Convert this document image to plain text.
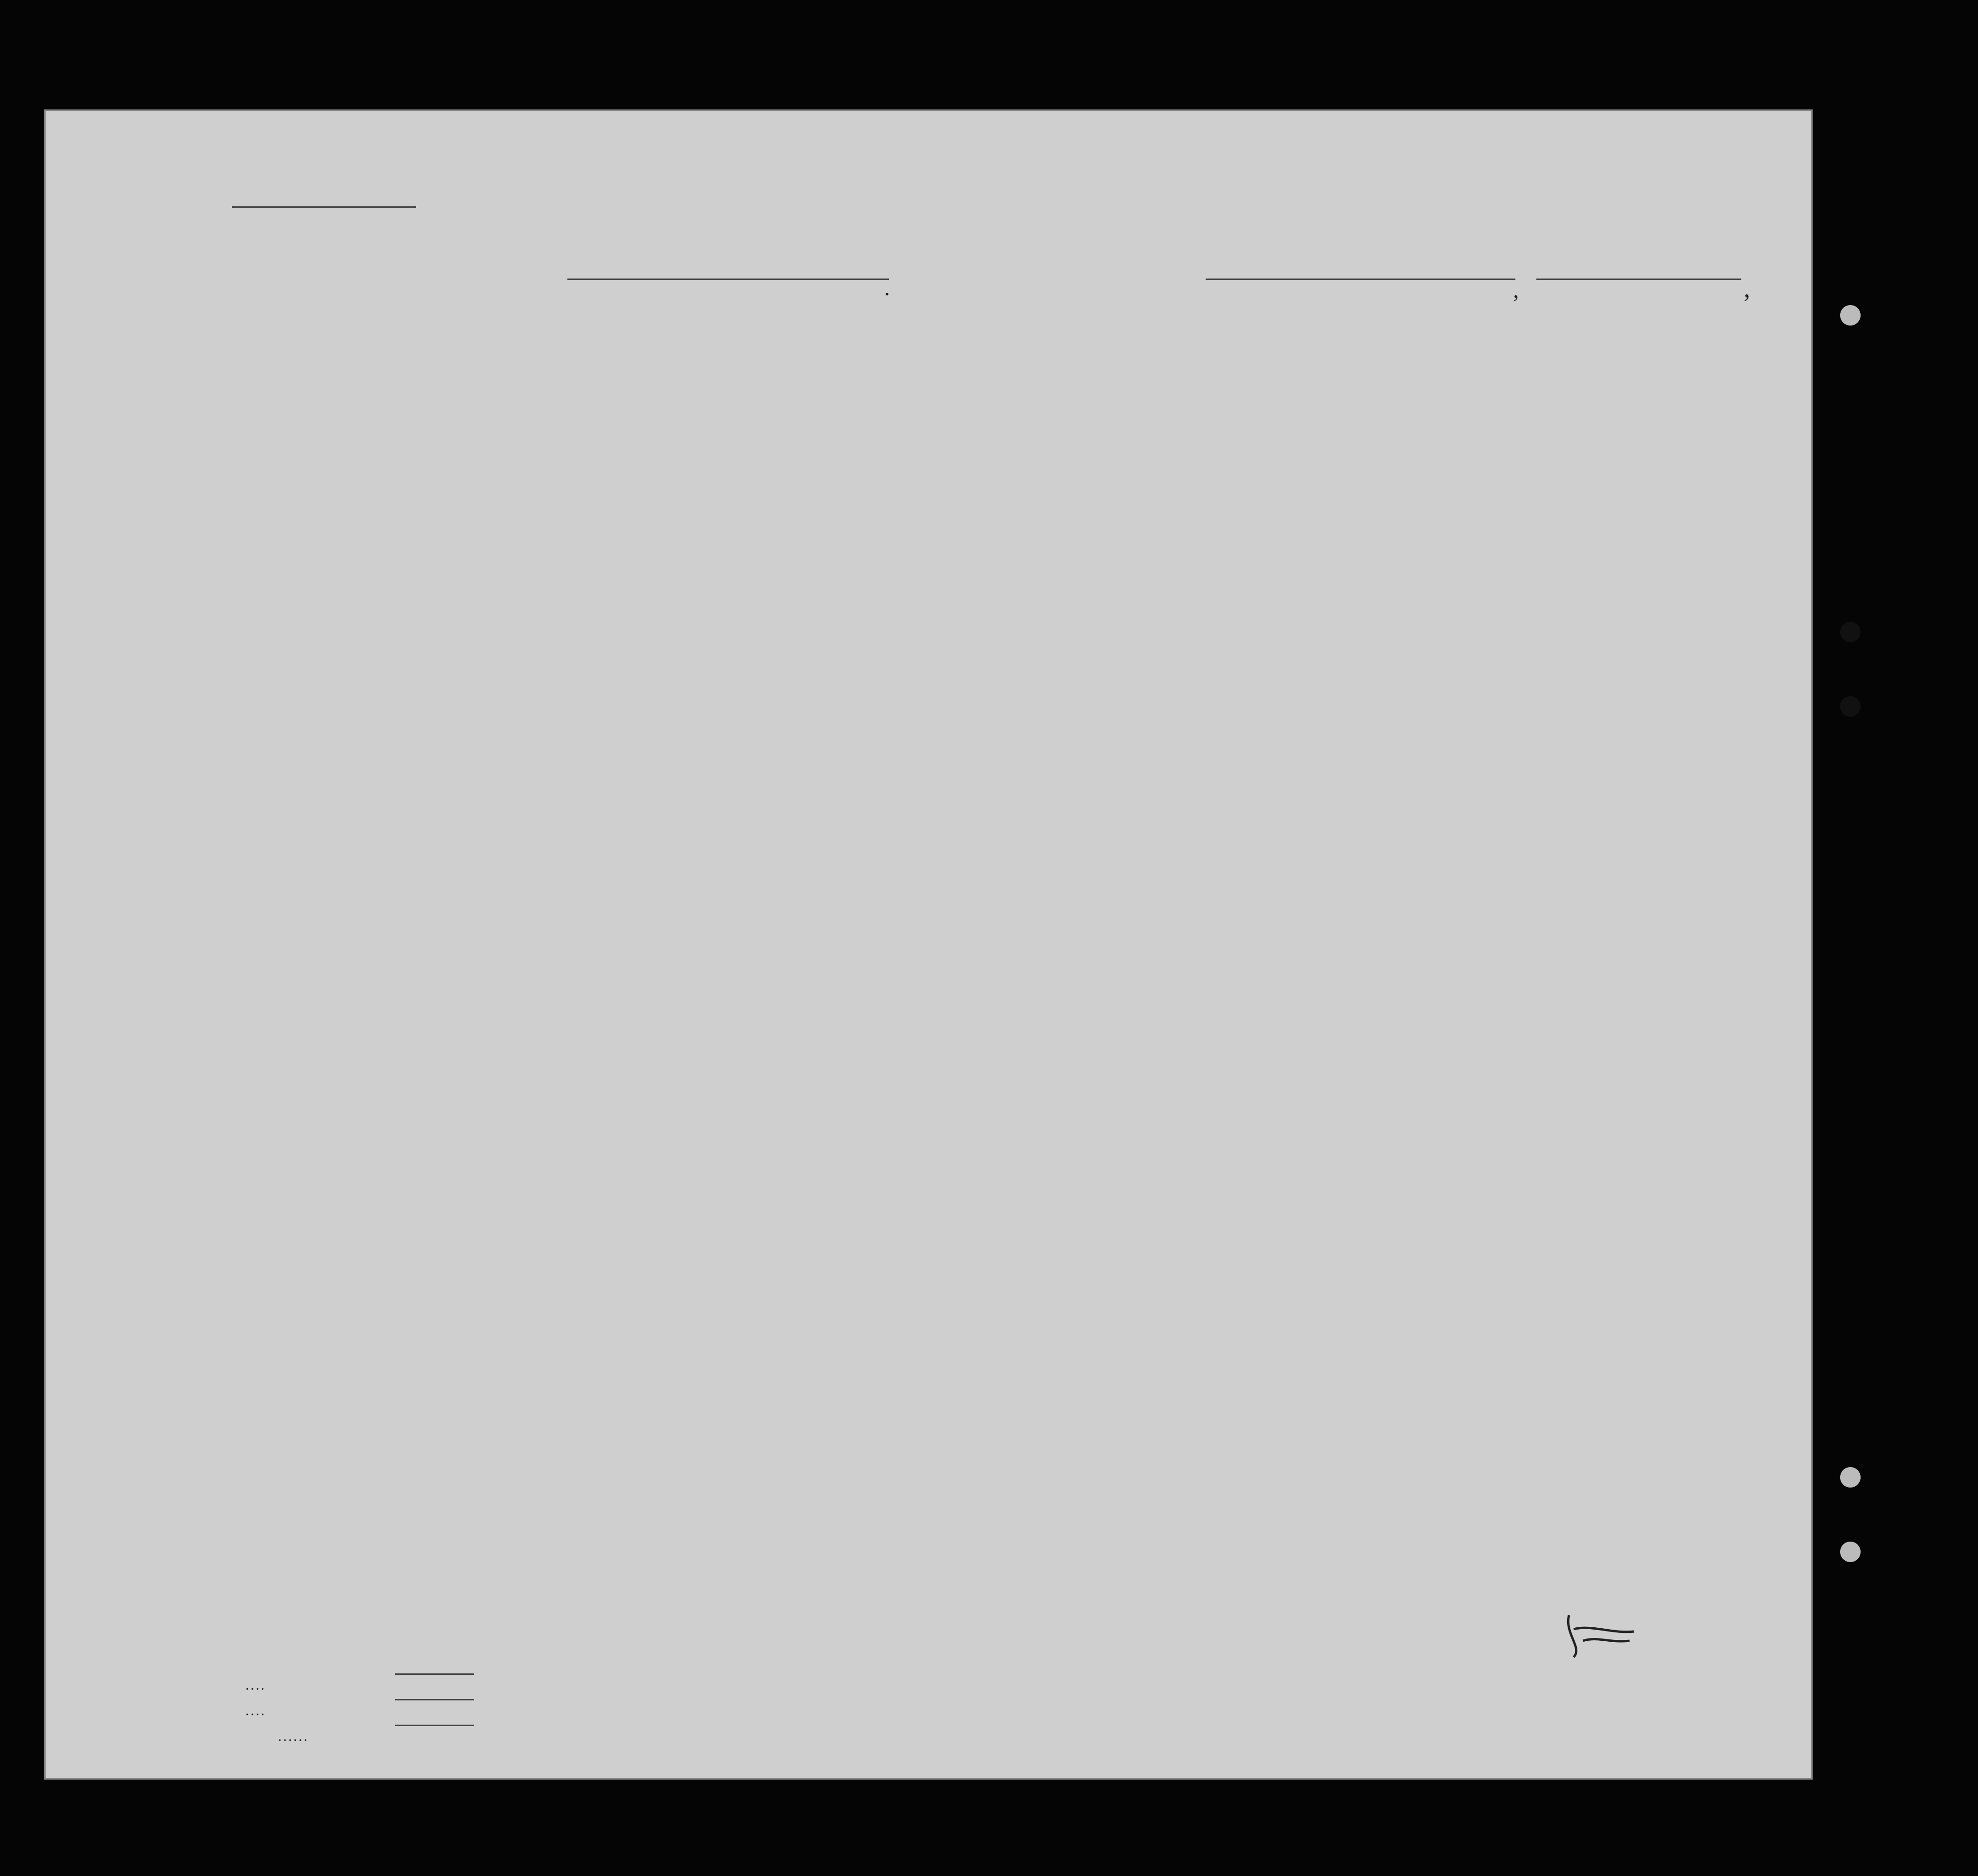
.	,	,
. . . .
. . . .
. . . . . .
